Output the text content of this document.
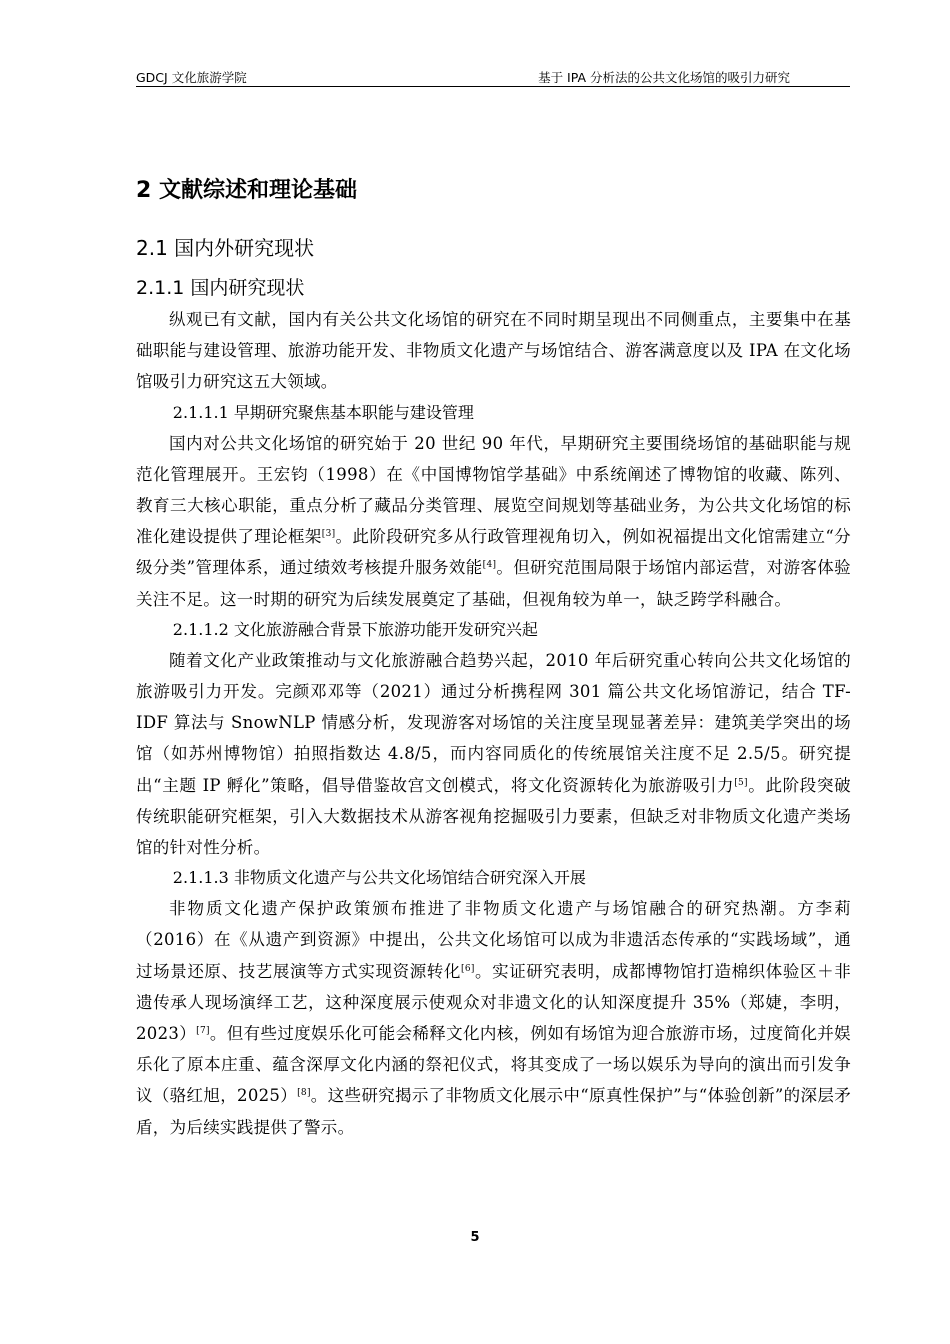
GDCJ 文化旅游学院	基于 IPA 分析法的公共文化场馆的吸引力研究
2 文献综述和理论基础
2.1 国内外研究现状
2.1.1 国内研究现状

纵观已有文献，国内有关公共文化场馆的研究在不同时期呈现出不同侧重点，主要集中在基础职能与建设管理、旅游功能开发、非物质文化遗产与场馆结合、游客满意度以及 IPA 在文化场馆吸引力研究这五大领域。

2.1.1.1 早期研究聚焦基本职能与建设管理

国内对公共文化场馆的研究始于 20 世纪 90 年代，早期研究主要围绕场馆的基础职能与规范化管理展开。王宏钧（1998）在《中国博物馆学基础》中系统阐述了博物馆的收藏、陈列、教育三大核心职能，重点分析了藏品分类管理、展览空间规划等基础业务，为公共文化场馆的标准化建设提供了理论框架[3]。此阶段研究多从行政管理视角切入，例如祝福提出文化馆需建立“分级分类”管理体系，通过绩效考核提升服务效能[4]。但研究范围局限于场馆内部运营，对游客体验关注不足。这一时期的研究为后续发展奠定了基础，但视角较为单一，缺乏跨学科融合。

2.1.1.2 文化旅游融合背景下旅游功能开发研究兴起

随着文化产业政策推动与文化旅游融合趋势兴起，2010 年后研究重心转向公共文化场馆的旅游吸引力开发。完颜邓邓等（2021）通过分析携程网 301 篇公共文化场馆游记，结合 TF-IDF 算法与 SnowNLP 情感分析，发现游客对场馆的关注度呈现显著差异：建筑美学突出的场馆（如苏州博物馆）拍照指数达 4.8/5，而内容同质化的传统展馆关注度不足 2.5/5。研究提出“主题 IP 孵化”策略，倡导借鉴故宫文创模式，将文化资源转化为旅游吸引力[5]。此阶段突破传统职能研究框架，引入大数据技术从游客视角挖掘吸引力要素，但缺乏对非物质文化遗产类场馆的针对性分析。

2.1.1.3 非物质文化遗产与公共文化场馆结合研究深入开展

非物质文化遗产保护政策颁布推进了非物质文化遗产与场馆融合的研究热潮。方李莉（2016）在《从遗产到资源》中提出，公共文化场馆可以成为非遗活态传承的“实践场域”，通过场景还原、技艺展演等方式实现资源转化[6]。实证研究表明，成都博物馆打造棉织体验区＋非遗传承人现场演绎工艺，这种深度展示使观众对非遗文化的认知深度提升 35%（郑婕，李明，2023）[7]。但有些过度娱乐化可能会稀释文化内核，例如有场馆为迎合旅游市场，过度简化并娱乐化了原本庄重、蕴含深厚文化内涵的祭祀仪式，将其变成了一场以娱乐为导向的演出而引发争议（骆红旭，2025）[8]。这些研究揭示了非物质文化展示中“原真性保护”与“体验创新”的深层矛盾，为后续实践提供了警示。

5
